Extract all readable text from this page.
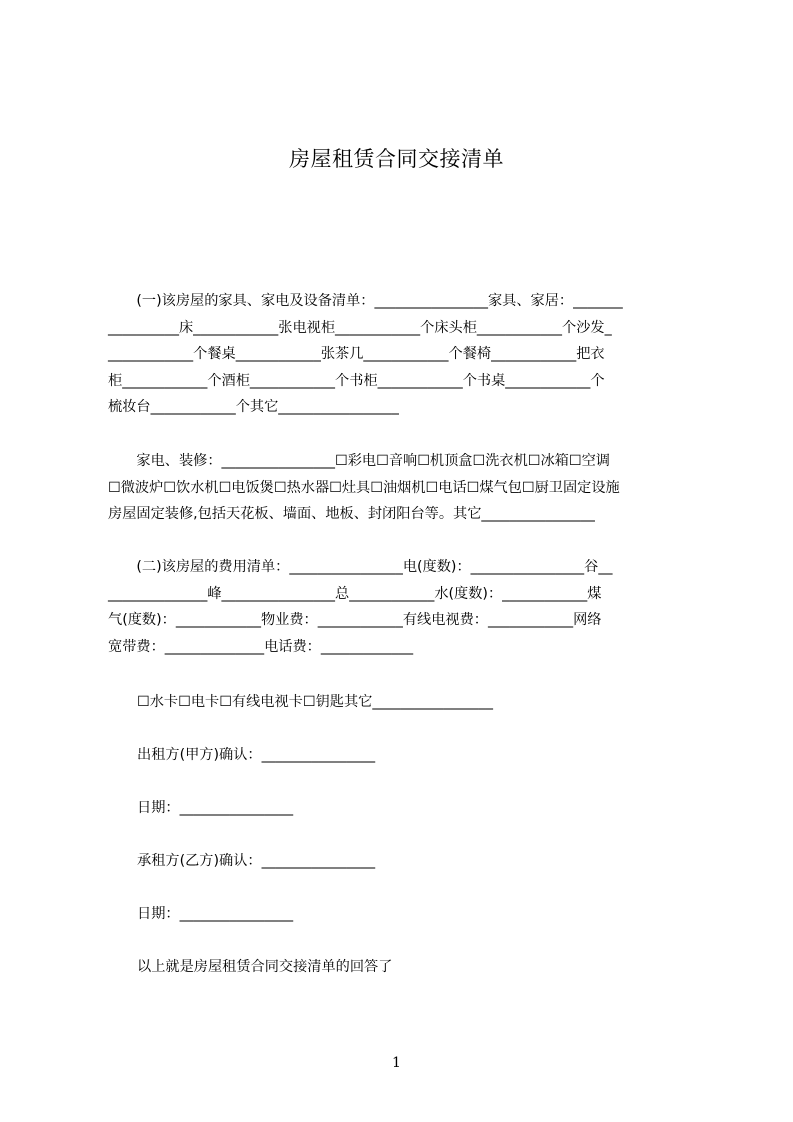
房屋租赁合同交接清单
　　(一)该房屋的家具、家电及设备清单：________________家具、家居：_______
__________床____________张电视柜____________个床头柜____________个沙发_
____________个餐桌____________张茶几____________个餐椅____________把衣
柜____________个酒柜____________个书柜____________个书桌____________个
梳妆台____________个其它_________________
　　家电、装修：________________☐彩电☐音响☐机顶盒☐洗衣机☐冰箱☐空调
☐微波炉☐饮水机☐电饭煲☐热水器☐灶具☐油烟机☐电话☐煤气包☐厨卫固定设施
房屋固定装修,包括天花板、墙面、地板、封闭阳台等。其它________________
　　(二)该房屋的费用清单：________________电(度数)：________________谷__
______________峰________________总____________水(度数)：____________煤
气(度数)：____________物业费：____________有线电视费：____________网络
宽带费：______________电话费：_____________
☐水卡☐电卡☐有线电视卡☐钥匙其它_________________
出租方(甲方)确认：________________
日期：________________
承租方(乙方)确认：________________
日期：________________
以上就是房屋租赁合同交接清单的回答了
1
